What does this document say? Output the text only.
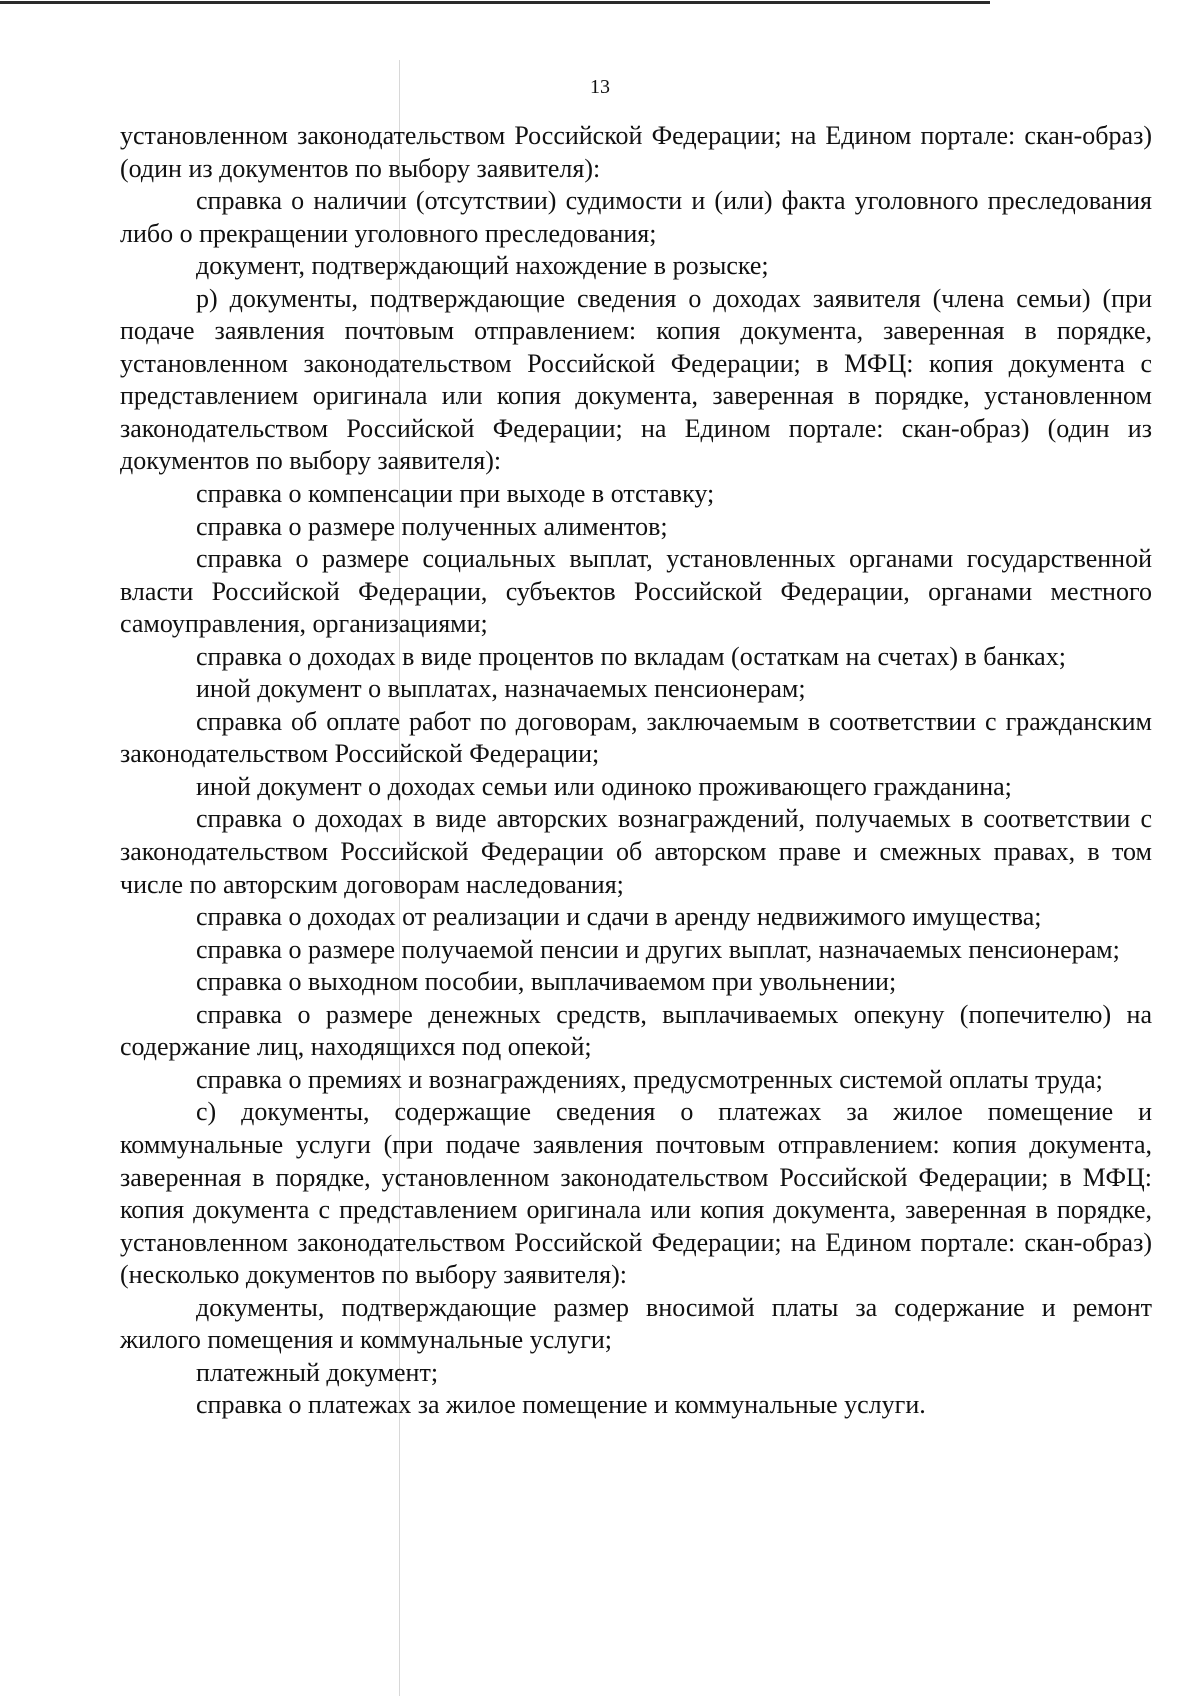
13

установленном законодательством Российской Федерации; на Едином портале: скан-образ) (один из документов по выбору заявителя):

справка о наличии (отсутствии) судимости и (или) факта уголовного преследования либо о прекращении уголовного преследования;

документ, подтверждающий нахождение в розыске;

р) документы, подтверждающие сведения о доходах заявителя (члена семьи) (при подаче заявления почтовым отправлением: копия документа, заверенная в порядке, установленном законодательством Российской Федерации; в МФЦ: копия документа с представлением оригинала или копия документа, заверенная в порядке, установленном законодательством Российской Федерации; на Едином портале: скан-образ) (один из документов по выбору заявителя):

справка о компенсации при выходе в отставку;

справка о размере полученных алиментов;

справка о размере социальных выплат, установленных органами государственной власти Российской Федерации, субъектов Российской Федерации, органами местного самоуправления, организациями;

справка о доходах в виде процентов по вкладам (остаткам на счетах) в банках;

иной документ о выплатах, назначаемых пенсионерам;

справка об оплате работ по договорам, заключаемым в соответствии с гражданским законодательством Российской Федерации;

иной документ о доходах семьи или одиноко проживающего гражданина;

справка о доходах в виде авторских вознаграждений, получаемых в соответствии с законодательством Российской Федерации об авторском праве и смежных правах, в том числе по авторским договорам наследования;

справка о доходах от реализации и сдачи в аренду недвижимого имущества;

справка о размере получаемой пенсии и других выплат, назначаемых пенсионерам;

справка о выходном пособии, выплачиваемом при увольнении;

справка о размере денежных средств, выплачиваемых опекуну (попечителю) на содержание лиц, находящихся под опекой;

справка о премиях и вознаграждениях, предусмотренных системой оплаты труда;

с) документы, содержащие сведения о платежах за жилое помещение и коммунальные услуги (при подаче заявления почтовым отправлением: копия документа, заверенная в порядке, установленном законодательством Российской Федерации; в МФЦ: копия документа с представлением оригинала или копия документа, заверенная в порядке, установленном законодательством Российской Федерации; на Едином портале: скан-образ) (несколько документов по выбору заявителя):

документы, подтверждающие размер вносимой платы за содержание и ремонт жилого помещения и коммунальные услуги;

платежный документ;

справка о платежах за жилое помещение и коммунальные услуги.
